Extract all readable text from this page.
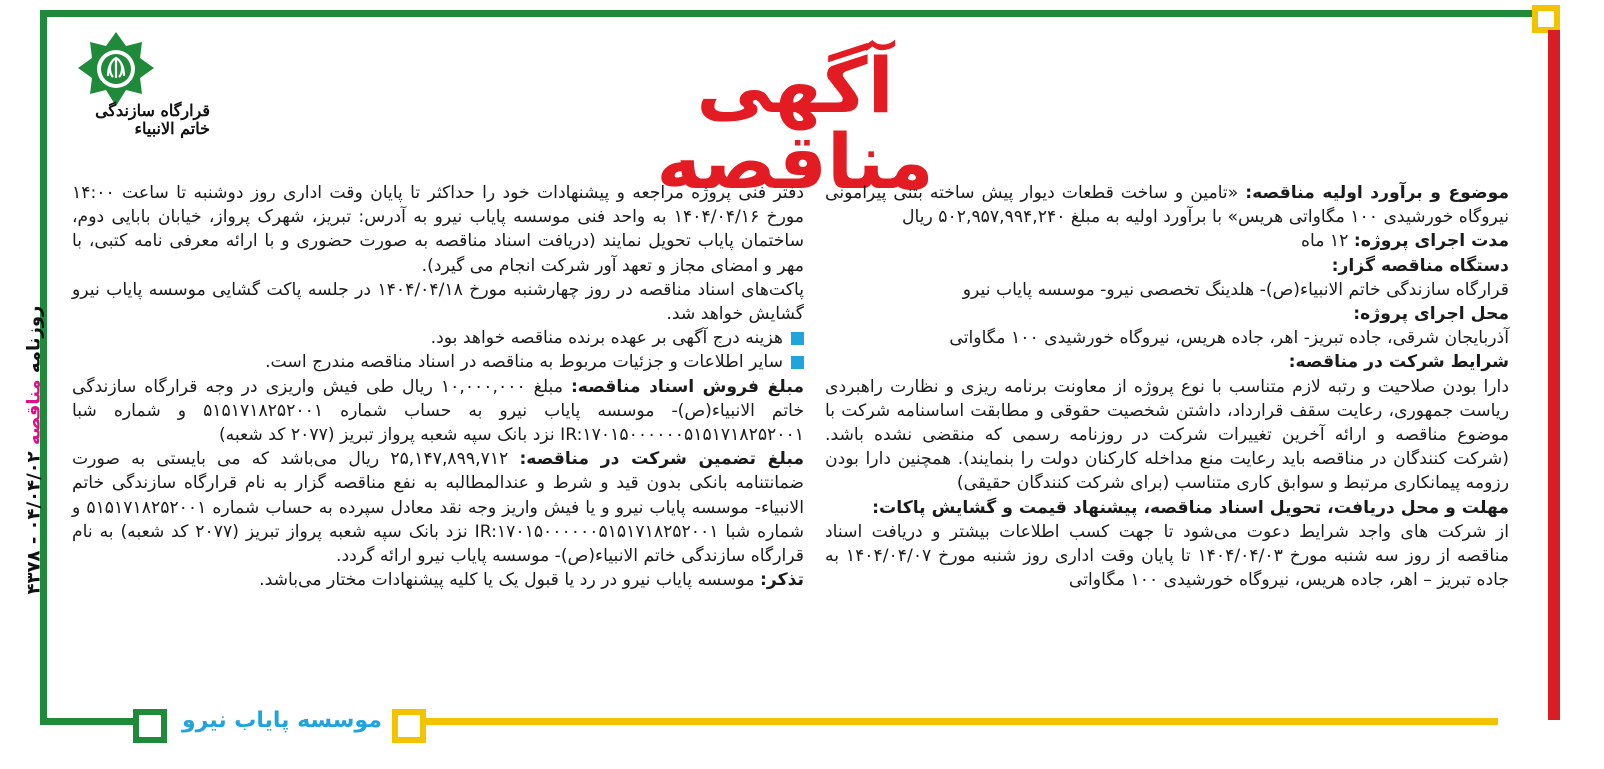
قرارگاه سازندگی خاتم الانبیاء	آگهی مناقصه
روزنامه مناقصه ۰۴/۰۴/۰۲ - ۴۳۷۸

موضوع و برآورد اولیه مناقصه: «تامین و ساخت قطعات دیوار پیش ساخته بتنی پیرامونی نیروگاه خورشیدی ۱۰۰ مگاواتی هریس» با برآورد اولیه به مبلغ ۵۰۲,۹۵۷,۹۹۴,۲۴۰ ریال

مدت اجرای پروژه: ۱۲ ماه

دستگاه مناقصه گزار:

قرارگاه سازندگی خاتم الانبیاء(ص)- هلدینگ تخصصی نیرو- موسسه پایاب نیرو

محل اجرای پروژه:

آذربایجان شرقی، جاده تبریز- اهر، جاده هریس، نیروگاه خورشیدی ۱۰۰ مگاواتی

شرایط شرکت در مناقصه:

دارا بودن صلاحیت و رتبه لازم متناسب با نوع پروژه از معاونت برنامه ریزی و نظارت راهبردی ریاست جمهوری، رعایت سقف قرارداد، داشتن شخصیت حقوقی و مطابقت اساسنامه شرکت با موضوع مناقصه و ارائه آخرین تغییرات شرکت در روزنامه رسمی که منقضی نشده باشد. (شرکت کنندگان در مناقصه باید رعایت منع مداخله کارکنان دولت را بنمایند). همچنین دارا بودن رزومه پیمانکاری مرتبط و سوابق کاری متناسب (برای شرکت کنندگان حقیقی)

مهلت و محل دریافت، تحویل اسناد مناقصه، پیشنهاد قیمت و گشایش پاکات:

از شرکت های واجد شرایط دعوت می‌شود تا جهت کسب اطلاعات بیشتر و دریافت اسناد مناقصه از روز سه شنبه مورخ ۱۴۰۴/۰۴/۰۳ تا پایان وقت اداری روز شنبه مورخ ۱۴۰۴/۰۴/۰۷ به جاده تبریز – اهر، جاده هریس، نیروگاه خورشیدی ۱۰۰ مگاواتی

دفتر فنی پروژه مراجعه و پیشنهادات خود را حداکثر تا پایان وقت اداری روز دوشنبه تا ساعت ۱۴:۰۰ مورخ ۱۴۰۴/۰۴/۱۶ به واحد فنی موسسه پایاب نیرو به آدرس: تبریز، شهرک پرواز، خیابان بابایی دوم، ساختمان پایاب تحویل نمایند (دریافت اسناد مناقصه به صورت حضوری و با ارائه معرفی نامه کتبی، با مهر و امضای مجاز و تعهد آور شرکت انجام می گیرد).

پاکت‌های اسناد مناقصه در روز چهارشنبه مورخ ۱۴۰۴/۰۴/۱۸ در جلسه پاکت گشایی موسسه پایاب نیرو گشایش خواهد شد.

هزینه درج آگهی بر عهده برنده مناقصه خواهد بود.

سایر اطلاعات و جزئیات مربوط به مناقصه در اسناد مناقصه مندرج است.

مبلغ فروش اسناد مناقصه: مبلغ ۱۰,۰۰۰,۰۰۰ ریال طی فیش واریزی در وجه قرارگاه سازندگی خاتم الانبیاء(ص)- موسسه پایاب نیرو به حساب شماره ۵۱۵۱۷۱۸۲۵۲۰۰۱ و شماره شبا IR:۱۷۰۱۵۰۰۰۰۰۰۵۱۵۱۷۱۸۲۵۲۰۰۱ نزد بانک سپه شعبه پرواز تبریز (۲۰۷۷ کد شعبه)

مبلغ تضمین شرکت در مناقصه: ۲۵,۱۴۷,۸۹۹,۷۱۲ ریال می‌باشد که می بایستی به صورت ضمانتنامه بانکی بدون قید و شرط و عندالمطالبه به نفع مناقصه گزار به نام قرارگاه سازندگی خاتم الانبیاء- موسسه پایاب نیرو و یا فیش واریز وجه نقد معادل سپرده به حساب شماره ۵۱۵۱۷۱۸۲۵۲۰۰۱ و شماره شبا IR:۱۷۰۱۵۰۰۰۰۰۰۵۱۵۱۷۱۸۲۵۲۰۰۱ نزد بانک سپه شعبه پرواز تبریز (۲۰۷۷ کد شعبه) به نام قرارگاه سازندگی خاتم الانبیاء(ص)- موسسه پایاب نیرو ارائه گردد.

تذکر: موسسه پایاب نیرو در رد یا قبول یک یا کلیه پیشنهادات مختار می‌باشد.

موسسه پایاب نیرو
